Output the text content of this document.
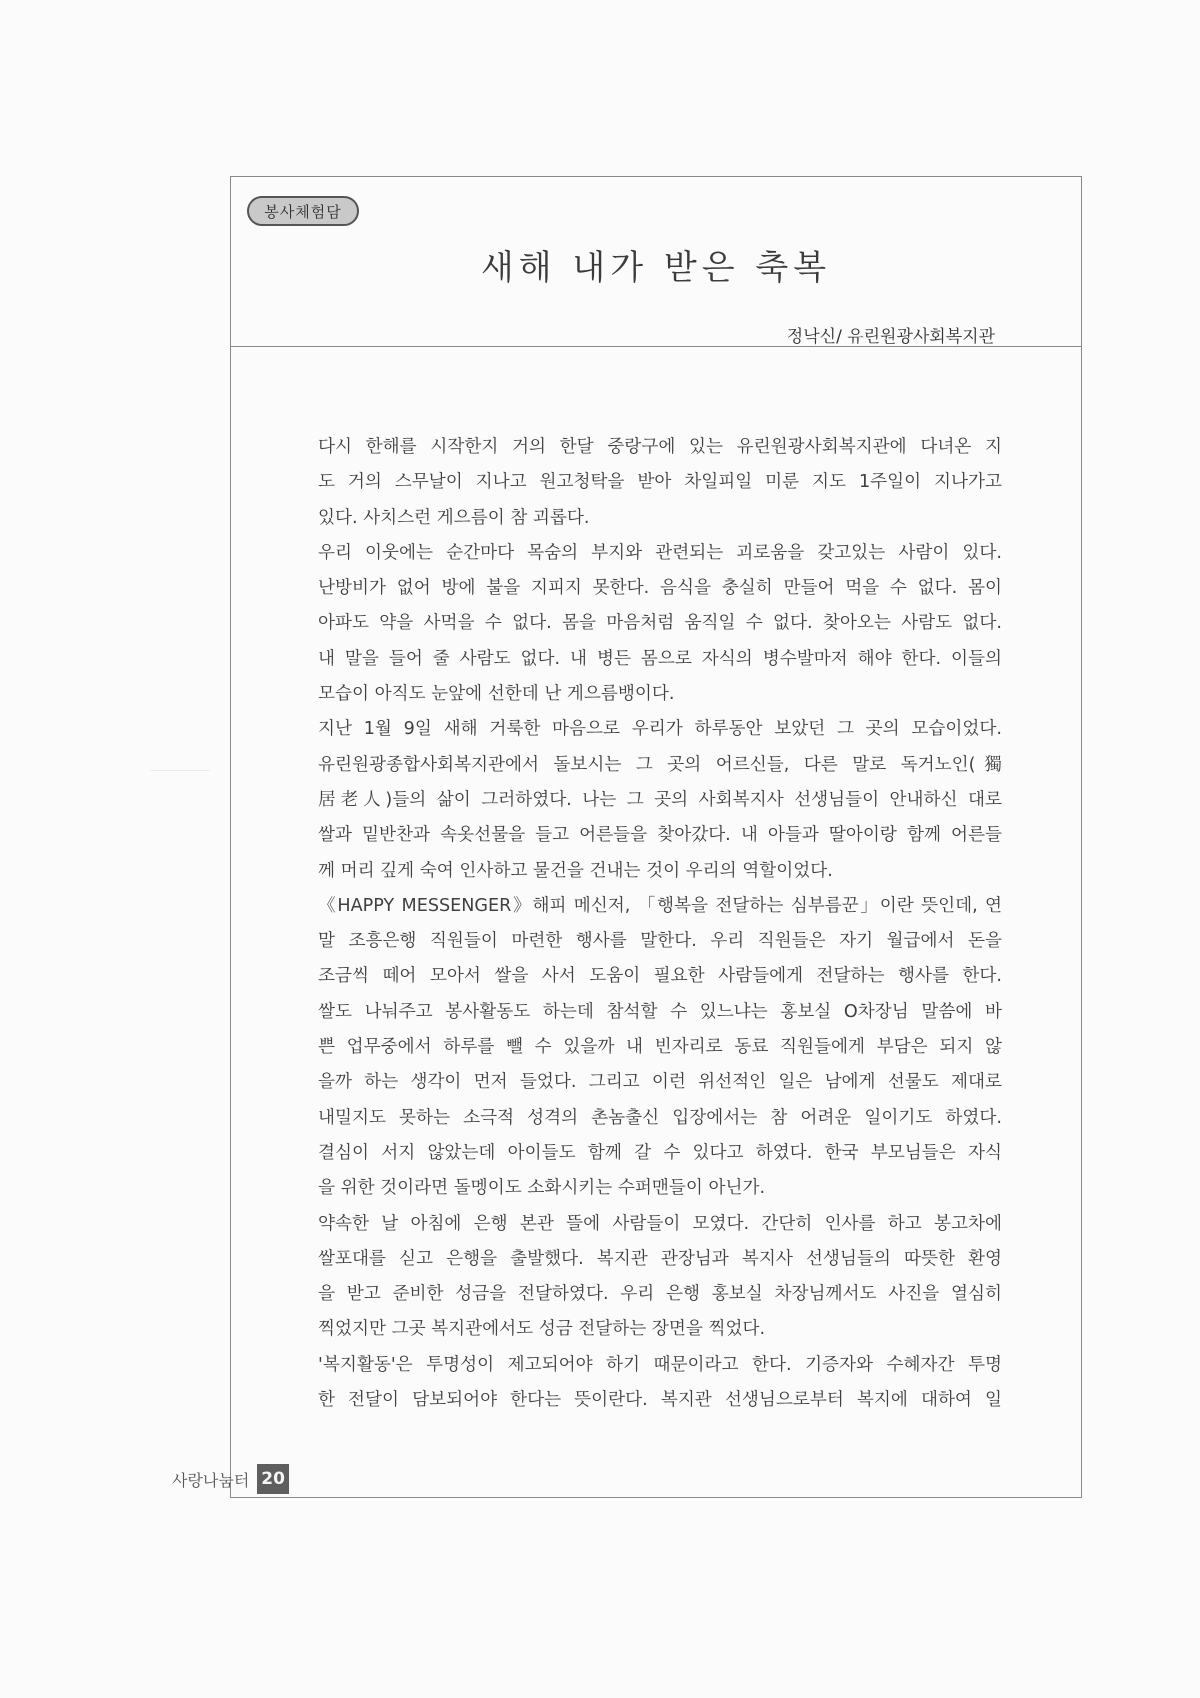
봉사체험담
새해 내가 받은 축복
정낙신/ 유린원광사회복지관
다시 한해를 시작한지 거의 한달 중랑구에 있는 유린원광사회복지관에 다녀온 지
도 거의 스무날이 지나고 원고청탁을 받아 차일피일 미룬 지도 1주일이 지나가고
있다. 사치스런 게으름이 참 괴롭다.
우리 이웃에는 순간마다 목숨의 부지와 관련되는 괴로움을 갖고있는 사람이 있다.
난방비가 없어 방에 불을 지피지 못한다. 음식을 충실히 만들어 먹을 수 없다. 몸이
아파도 약을 사먹을 수 없다. 몸을 마음처럼 움직일 수 없다. 찾아오는 사람도 없다.
내 말을 들어 줄 사람도 없다. 내 병든 몸으로 자식의 병수발마저 해야 한다. 이들의
모습이 아직도 눈앞에 선한데 난 게으름뱅이다.
지난 1월 9일 새해 거룩한 마음으로 우리가 하루동안 보았던 그 곳의 모습이었다.
유린원광종합사회복지관에서 돌보시는 그 곳의 어르신들, 다른 말로 독거노인(獨
居老人)들의 삶이 그러하였다. 나는 그 곳의 사회복지사 선생님들이 안내하신 대로
쌀과 밑반찬과 속옷선물을 들고 어른들을 찾아갔다. 내 아들과 딸아이랑 함께 어른들
께 머리 깊게 숙여 인사하고 물건을 건내는 것이 우리의 역할이었다.
《HAPPY MESSENGER》해피 메신저, 「행복을 전달하는 심부름꾼」이란 뜻인데, 연
말 조흥은행 직원들이 마련한 행사를 말한다. 우리 직원들은 자기 월급에서 돈을
조금씩 떼어 모아서 쌀을 사서 도움이 필요한 사람들에게 전달하는 행사를 한다.
쌀도 나눠주고 봉사활동도 하는데 참석할 수 있느냐는 홍보실 O차장님 말씀에 바
쁜 업무중에서 하루를 뺄 수 있을까 내 빈자리로 동료 직원들에게 부담은 되지 않
을까 하는 생각이 먼저 들었다. 그리고 이런 위선적인 일은 남에게 선물도 제대로
내밀지도 못하는 소극적 성격의 촌놈출신 입장에서는 참 어려운 일이기도 하였다.
결심이 서지 않았는데 아이들도 함께 갈 수 있다고 하였다. 한국 부모님들은 자식
을 위한 것이라면 돌멩이도 소화시키는 수퍼맨들이 아닌가.
약속한 날 아침에 은행 본관 뜰에 사람들이 모였다. 간단히 인사를 하고 봉고차에
쌀포대를 싣고 은행을 출발했다. 복지관 관장님과 복지사 선생님들의 따뜻한 환영
을 받고 준비한 성금을 전달하였다. 우리 은행 홍보실 차장님께서도 사진을 열심히
찍었지만 그곳 복지관에서도 성금 전달하는 장면을 찍었다.
'복지활동'은 투명성이 제고되어야 하기 때문이라고 한다. 기증자와 수혜자간 투명
한 전달이 담보되어야 한다는 뜻이란다. 복지관 선생님으로부터 복지에 대하여 일
사랑나눔터 20
